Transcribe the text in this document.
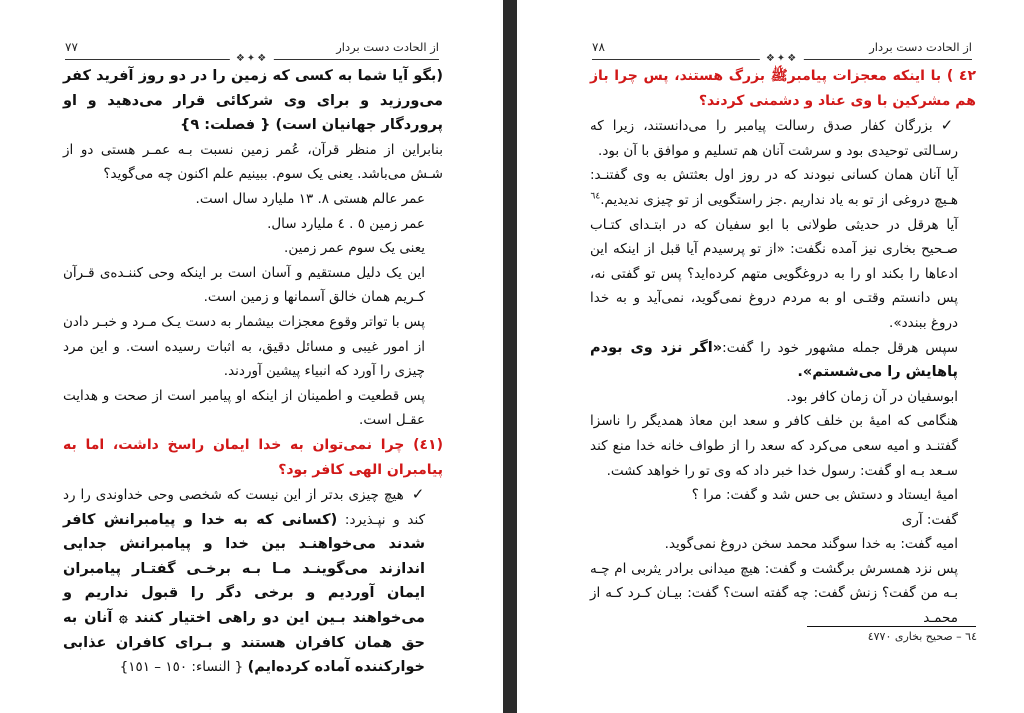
از الحادت دست بردار
٧٧
❖✦❖

(بگو آیا شما به کسی که زمین را در دو روز آفرید کفر می‌ورزید و برای وی شرکائی قرار می‌دهید و او پروردگار جهانیان است) { فصلت: ٩}

بنابراین از منظر قرآن، عُمر زمین نسبت بـه عمـر هستی دو از شـش می‌باشد. یعنی یک سوم. ببینیم علم اکنون چه می‌گوید؟

عمر عالم هستی ٨. ١٣ ملیارد سال است.

عمر زمین ٥ . ٤ ملیارد سال.

یعنی یک سوم عمر زمین.

این یک دلیل مستقیم و آسان است بر اینکه وحی کننـده‌ی قـرآن کـریم همان خالق آسمانها و زمین است.

پس با تواتر وقوع معجزات بیشمار به دست یـک مـرد و خبـر دادن از امور غیبی و مسائل دقیق، به اثبات رسیده است. و این مرد چیزی را آورد که انبیاء پیشین آوردند.

پس قطعیت و اطمینان از اینکه او پیامبر است از صحت و هدایت عقـل است.

(٤١) چرا نمی‌توان به خدا ایمان راسخ داشت، اما به پیامبران الهی کافر بود؟

✓هیچ چیزی بدتر از این نیست که شخصی وحی خداوندی را رد کند و نپـذیرد: (کسانی که به خدا و پیامبرانش کافر شدند می‌خواهنـد بین خدا و پیامبرانش جدایی اندازند می‌گوینـد مـا بـه برخـی گفتـار پیامبران ایمان آوردیم و برخی دگر را قبول نداریم و می‌خواهند بـین این دو راهی اختیار کنند ۞ آنان به حق همان کافران هستند و بـرای کافران عذابی خوارکننده آماده کرده‌ایم) { النساء: ١٥٠ – ١٥١}

از الحادت دست بردار
٧٨
❖✦❖

٤٢ ) با اینکه معجزات پیامبرﷺ بزرگ هستند، پس چرا باز هم مشرکین با وی عناد و دشمنی کردند؟

✓بزرگان کفار صدق رسالت پیامبر را می‌دانستند، زیرا که رسـالتی توحیدی بود و سرشت آنان هم تسلیم و موافق با آن بود.

آیا آنان همان کسانی نبودند که در روز اول بعثتش به وی گفتنـد: هـیچ دروغی از تو به یاد نداریم .جز راستگویی از تو چیزی ندیدیم.$^{٦٤}$

آیا هرقل در حدیثی طولانی با ابو سفیان که در ابتـدای کتـاب صـحیح بخاری نیز آمده نگفت: «از تو پرسیدم آیا قبل از اینکه این ادعاها را بکند او را به دروغگویی متهم کرده‌اید؟ پس تو گفتی نه، پس دانستم وقتـی او به مردم دروغ نمی‌گوید، نمی‌آید و به خدا دروغ ببندد».

سپس هرقل جمله مشهور خود را گفت:«اگر نزد وی بودم پاهایش را می‌شستم».

ابوسفیان در آن زمان کافر بود.

هنگامی که امیۀ بن خلف کافر و سعد ابن معاذ همدیگر را ناسزا گفتنـد و امیه سعی می‌کرد که سعد را از طواف خانه خدا منع کند سـعد بـه او گفت: رسول خدا خبر داد که وی تو را خواهد کشت.

امیۀ ایستاد و دستش بی حس شد و گفت: مرا ؟

گفت: آری

امیه گفت: به خدا سوگند محمد سخن دروغ نمی‌گوید.

پس نزد همسرش برگشت و گفت: هیچ میدانی برادر یثربی ام چـه بـه من گفت؟ زنش گفت: چه گفته است؟ گفت: بیـان کـرد کـه از محمـد

٦٤ – صحیح بخاری ٤٧٧٠
